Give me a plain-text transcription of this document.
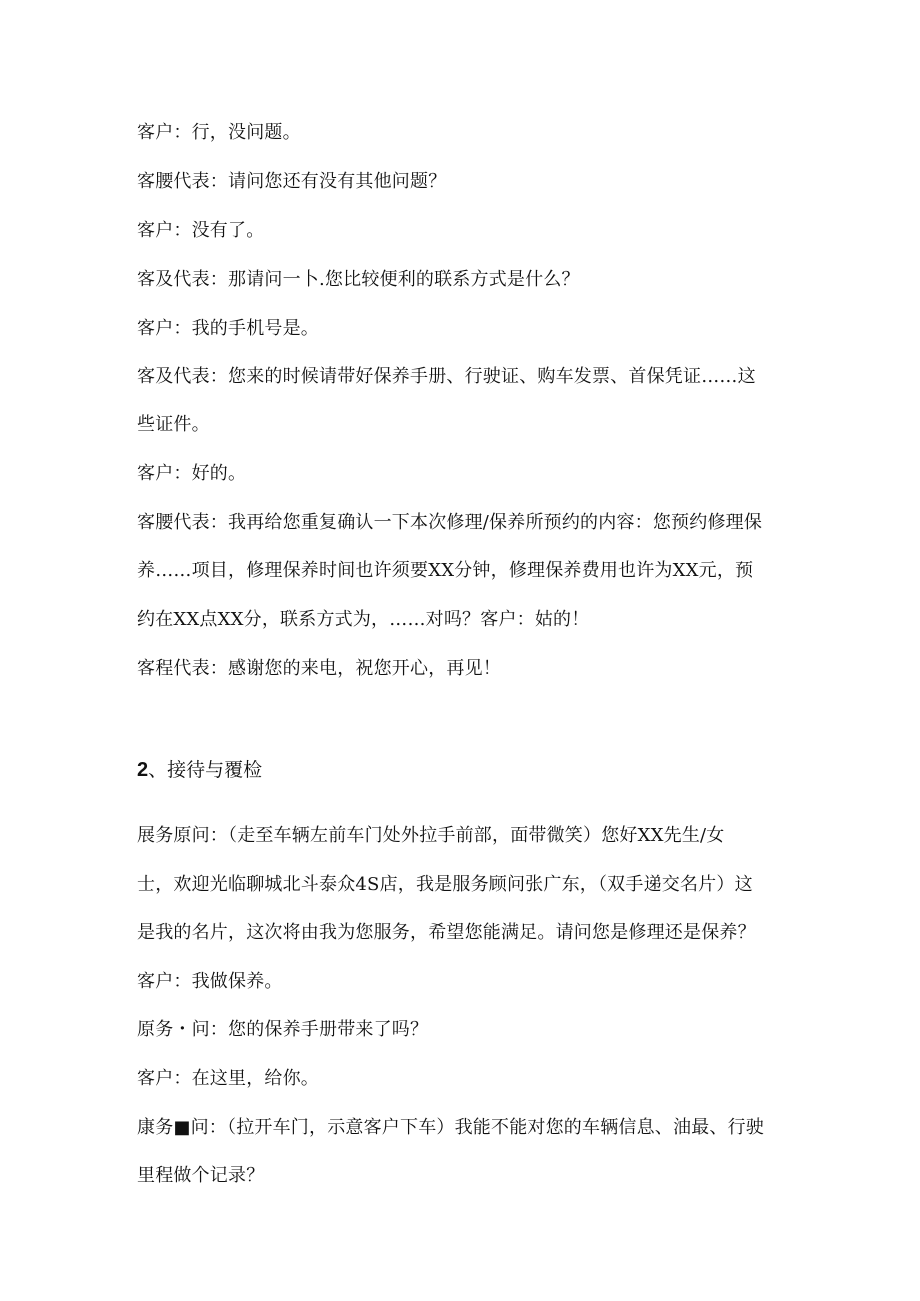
客户：行，没问题。
客腰代表：请问您还有没有其他问题？
客户：没有了。
客及代表：那请问一卜.您比较便利的联系方式是什么？
客户：我的手机号是。
客及代表：您来的时候请带好保养手册、行驶证、购车发票、首保凭证……这
些证件。
客户：好的。
客腰代表：我再给您重复确认一下本次修理/保养所预约的内容：您预约修理保
养……项目，修理保养时间也许须要XX分钟，修理保养费用也许为XX元，预
约在XX点XX分，联系方式为，……对吗？客户：姑的！
客程代表：感谢您的来电，祝您开心，再见！
2、接待与覆检
展务原问：（走至车辆左前车门处外拉手前部，面带微笑）您好XX先生/女
士，欢迎光临聊城北斗泰众4S店，我是服务顾问张广东，（双手递交名片）这
是我的名片，这次将由我为您服务，希望您能满足。请问您是修理还是保养？
客户：我做保养。
原务・问：您的保养手册带来了吗？
客户：在这里，给你。
康务■问：（拉开车门，示意客户下车）我能不能对您的车辆信息、油最、行驶
里程做个记录？
